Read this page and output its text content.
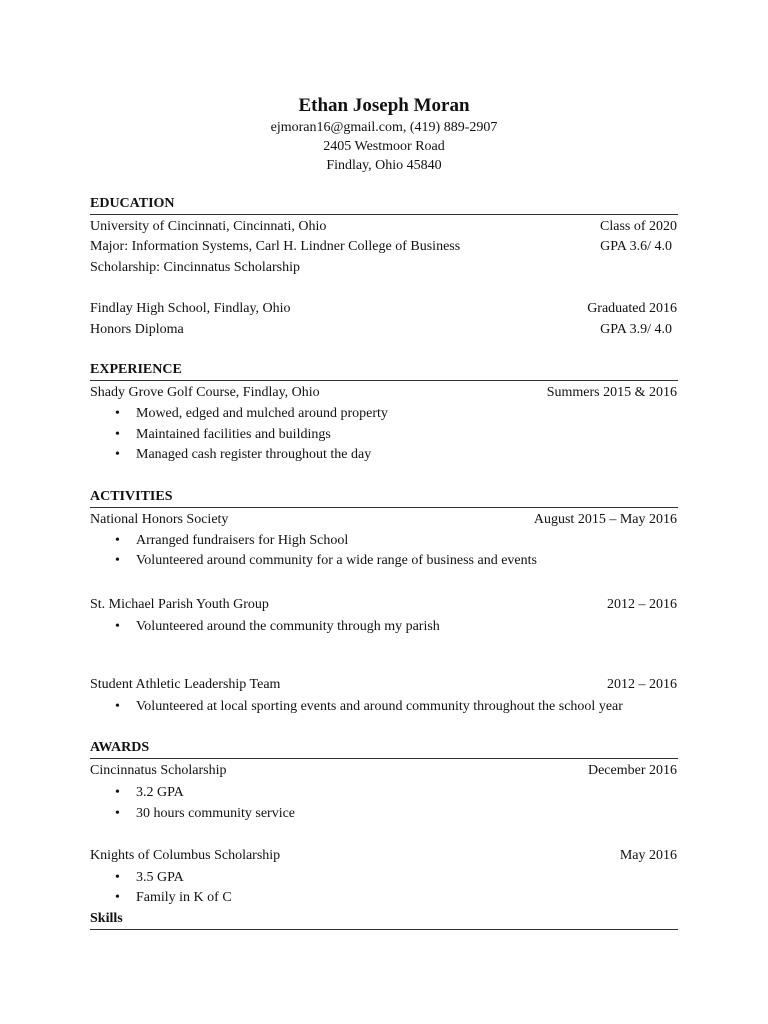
Ethan Joseph Moran
ejmoran16@gmail.com, (419) 889-2907
2405 Westmoor Road
Findlay, Ohio 45840
EDUCATION
University of Cincinnati, Cincinnati, Ohio	Class of 2020
Major: Information Systems, Carl H. Lindner College of Business	GPA 3.6/ 4.0
Scholarship: Cincinnatus Scholarship
Findlay High School, Findlay, Ohio	Graduated 2016
Honors Diploma	GPA 3.9/ 4.0
EXPERIENCE
Shady Grove Golf Course, Findlay, Ohio	Summers 2015 & 2016
• Mowed, edged and mulched around property
• Maintained facilities and buildings
• Managed cash register throughout the day
ACTIVITIES
National Honors Society	August 2015 – May 2016
• Arranged fundraisers for High School
• Volunteered around community for a wide range of business and events
St. Michael Parish Youth Group	2012 – 2016
• Volunteered around the community through my parish
Student Athletic Leadership Team	2012 – 2016
• Volunteered at local sporting events and around community throughout the school year
AWARDS
Cincinnatus Scholarship	December 2016
• 3.2 GPA
• 30 hours community service
Knights of Columbus Scholarship	May 2016
• 3.5 GPA
• Family in K of C
Skills
